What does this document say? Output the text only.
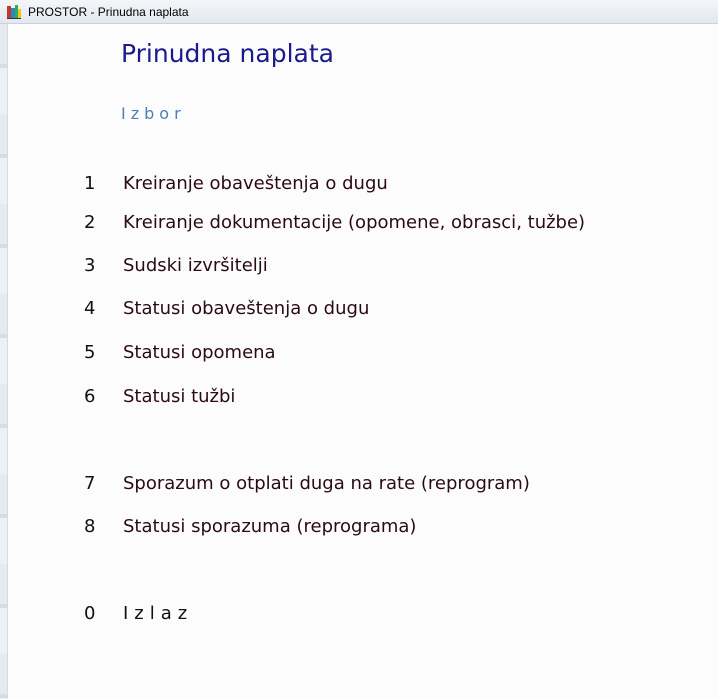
PROSTOR - Prinudna naplata
Prinudna naplata
Izbor
1	Kreiranje obaveštenja o dugu
2	Kreiranje dokumentacije (opomene, obrasci, tužbe)
3	Sudski izvršitelji
4	Statusi obaveštenja o dugu
5	Statusi opomena
6	Statusi tužbi
7	Sporazum o otplati duga na rate (reprogram)
8	Statusi sporazuma (reprograma)
0	Izlaz
